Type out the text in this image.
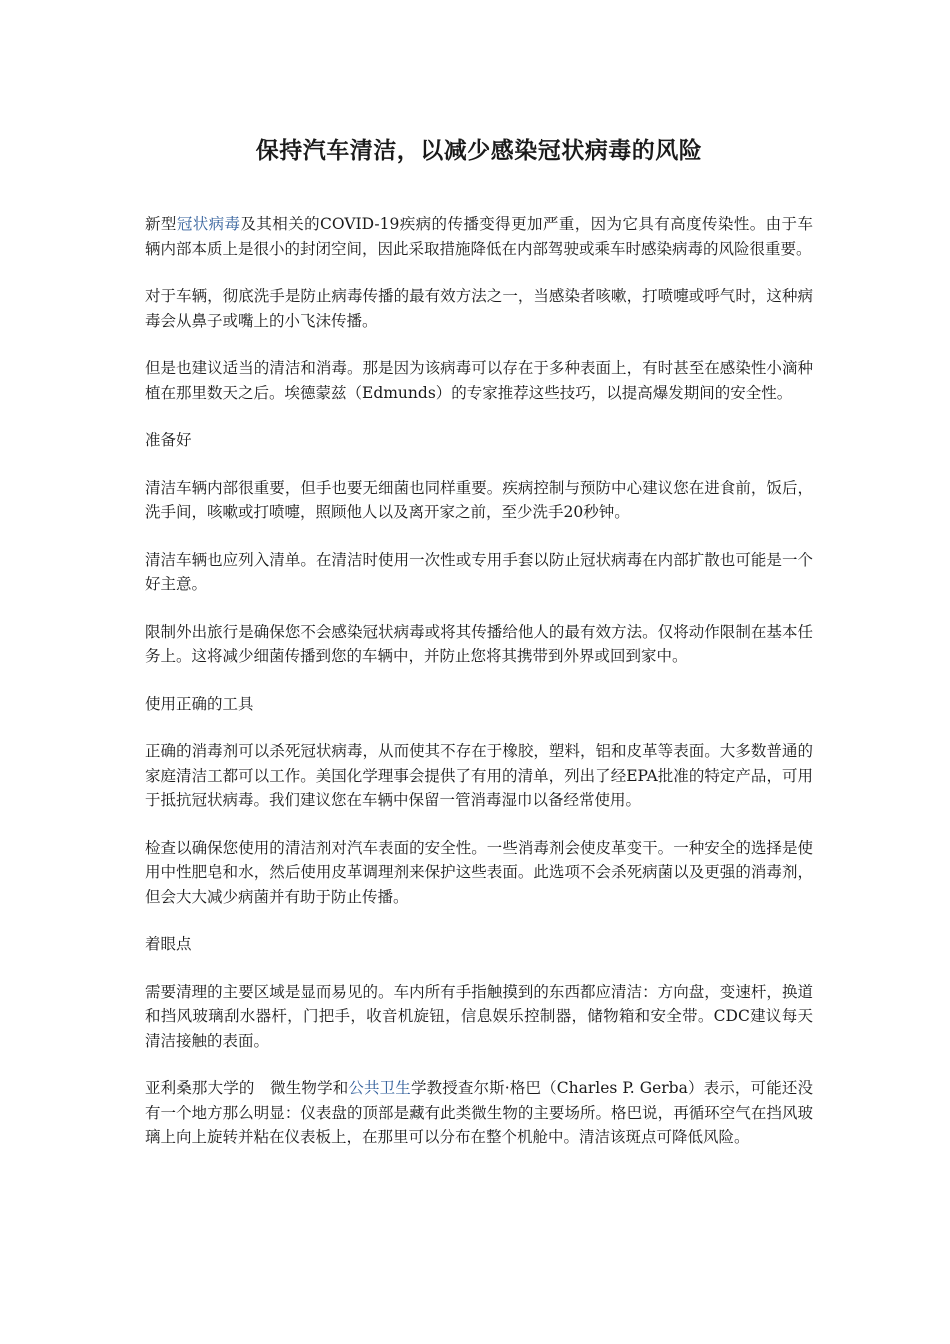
保持汽车清洁，以减少感染冠状病毒的风险

新型冠状病毒及其相关的COVID-19疾病的传播变得更加严重，因为它具有高度传染性。由于车辆内部本质上是很小的封闭空间，因此采取措施降低在内部驾驶或乘车时感染病毒的风险很重要。

对于车辆，彻底洗手是防止病毒传播的最有效方法之一，当感染者咳嗽，打喷嚏或呼气时，这种病毒会从鼻子或嘴上的小飞沫传播。

但是也建议适当的清洁和消毒。那是因为该病毒可以存在于多种表面上，有时甚至在感染性小滴种植在那里数天之后。埃德蒙兹（Edmunds）的专家推荐这些技巧，以提高爆发期间的安全性。

准备好

清洁车辆内部很重要，但手也要无细菌也同样重要。疾病控制与预防中心建议您在进食前，饭后，洗手间，咳嗽或打喷嚏，照顾他人以及离开家之前，至少洗手20秒钟。

清洁车辆也应列入清单。在清洁时使用一次性或专用手套以防止冠状病毒在内部扩散也可能是一个好主意。

限制外出旅行是确保您不会感染冠状病毒或将其传播给他人的最有效方法。仅将动作限制在基本任务上。这将减少细菌传播到您的车辆中，并防止您将其携带到外界或回到家中。

使用正确的工具

正确的消毒剂可以杀死冠状病毒，从而使其不存在于橡胶，塑料，铝和皮革等表面。大多数普通的家庭清洁工都可以工作。美国化学理事会提供了有用的清单，列出了经EPA批准的特定产品，可用于抵抗冠状病毒。我们建议您在车辆中保留一管消毒湿巾以备经常使用。

检查以确保您使用的清洁剂对汽车表面的安全性。一些消毒剂会使皮革变干。一种安全的选择是使用中性肥皂和水，然后使用皮革调理剂来保护这些表面。此选项不会杀死病菌以及更强的消毒剂，但会大大减少病菌并有助于防止传播。

着眼点

需要清理的主要区域是显而易见的。车内所有手指触摸到的东西都应清洁：方向盘，变速杆，换道和挡风玻璃刮水器杆，门把手，收音机旋钮，信息娱乐控制器，储物箱和安全带。CDC建议每天清洁接触的表面。

亚利桑那大学的　微生物学和公共卫生学教授查尔斯·格巴（Charles P. Gerba）表示，可能还没有一个地方那么明显：仪表盘的顶部是藏有此类微生物的主要场所。格巴说，再循环空气在挡风玻璃上向上旋转并粘在仪表板上，在那里可以分布在整个机舱中。清洁该斑点可降低风险。
